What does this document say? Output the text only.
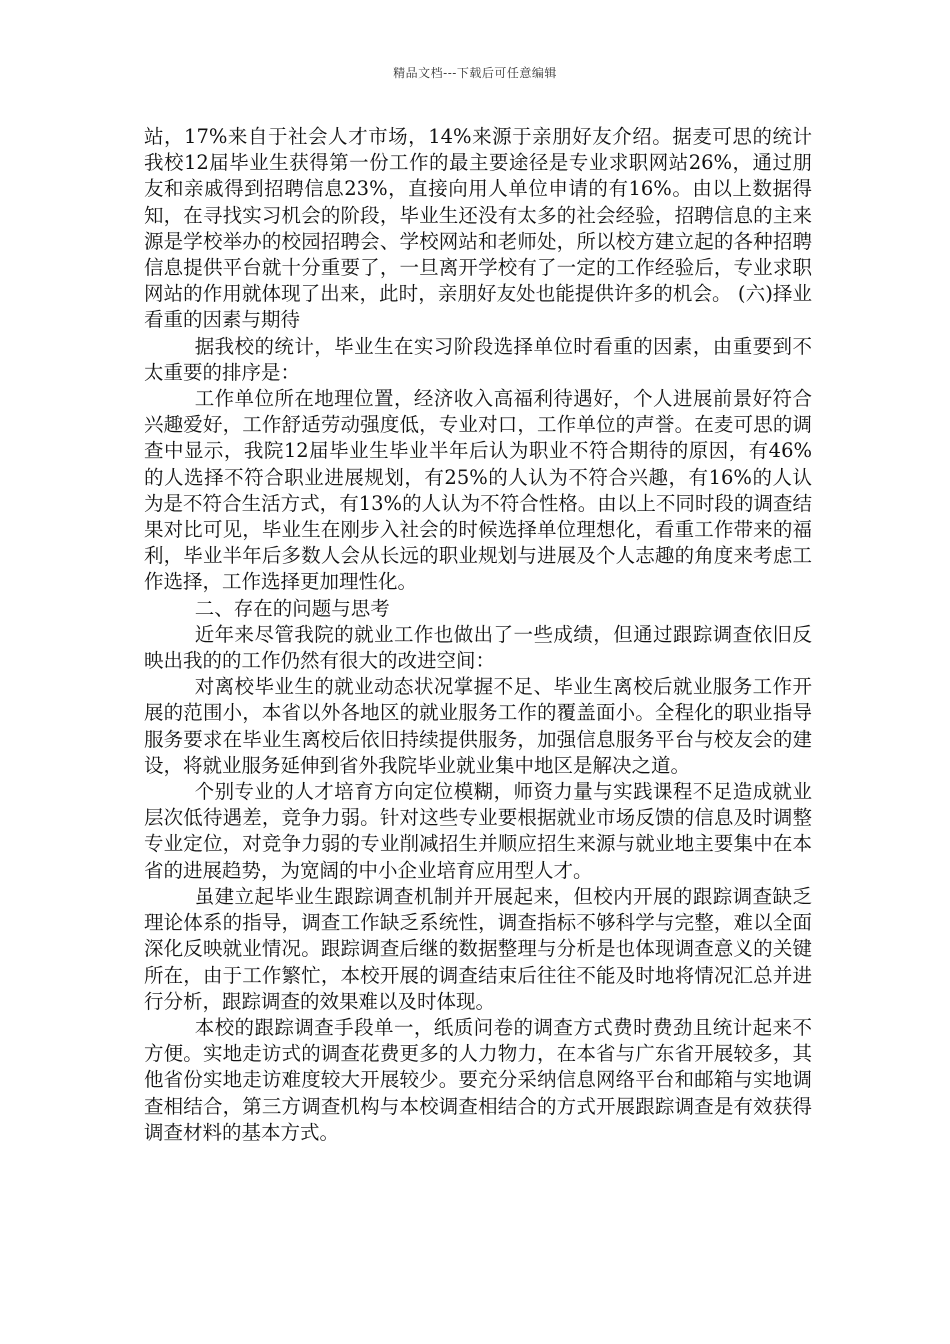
精品文档---下载后可任意编辑

站，17%来自于社会人才市场，14%来源于亲朋好友介绍。据麦可思的统计我校12届毕业生获得第一份工作的最主要途径是专业求职网站26%，通过朋友和亲戚得到招聘信息23%，直接向用人单位申请的有16%。由以上数据得知，在寻找实习机会的阶段，毕业生还没有太多的社会经验，招聘信息的主来源是学校举办的校园招聘会、学校网站和老师处，所以校方建立起的各种招聘信息提供平台就十分重要了，一旦离开学校有了一定的工作经验后，专业求职网站的作用就体现了出来，此时，亲朋好友处也能提供许多的机会。 (六)择业看重的因素与期待

据我校的统计，毕业生在实习阶段选择单位时看重的因素，由重要到不太重要的排序是：

工作单位所在地理位置，经济收入高福利待遇好，个人进展前景好符合兴趣爱好，工作舒适劳动强度低，专业对口，工作单位的声誉。在麦可思的调查中显示，我院12届毕业生毕业半年后认为职业不符合期待的原因，有46%的人选择不符合职业进展规划，有25%的人认为不符合兴趣，有16%的人认为是不符合生活方式，有13%的人认为不符合性格。由以上不同时段的调查结果对比可见，毕业生在刚步入社会的时候选择单位理想化，看重工作带来的福利，毕业半年后多数人会从长远的职业规划与进展及个人志趣的角度来考虑工作选择，工作选择更加理性化。

二、存在的问题与思考

近年来尽管我院的就业工作也做出了一些成绩，但通过跟踪调查依旧反映出我的的工作仍然有很大的改进空间：

对离校毕业生的就业动态状况掌握不足、毕业生离校后就业服务工作开展的范围小，本省以外各地区的就业服务工作的覆盖面小。全程化的职业指导服务要求在毕业生离校后依旧持续提供服务，加强信息服务平台与校友会的建设，将就业服务延伸到省外我院毕业就业集中地区是解决之道。

个别专业的人才培育方向定位模糊，师资力量与实践课程不足造成就业层次低待遇差，竞争力弱。针对这些专业要根据就业市场反馈的信息及时调整专业定位，对竞争力弱的专业削减招生并顺应招生来源与就业地主要集中在本省的进展趋势，为宽阔的中小企业培育应用型人才。

虽建立起毕业生跟踪调查机制并开展起来，但校内开展的跟踪调查缺乏理论体系的指导，调查工作缺乏系统性，调查指标不够科学与完整，难以全面深化反映就业情况。跟踪调查后继的数据整理与分析是也体现调查意义的关键所在，由于工作繁忙，本校开展的调查结束后往往不能及时地将情况汇总并进行分析，跟踪调查的效果难以及时体现。

本校的跟踪调查手段单一，纸质问卷的调查方式费时费劲且统计起来不方便。实地走访式的调查花费更多的人力物力，在本省与广东省开展较多，其他省份实地走访难度较大开展较少。要充分采纳信息网络平台和邮箱与实地调查相结合，第三方调查机构与本校调查相结合的方式开展跟踪调查是有效获得调查材料的基本方式。
